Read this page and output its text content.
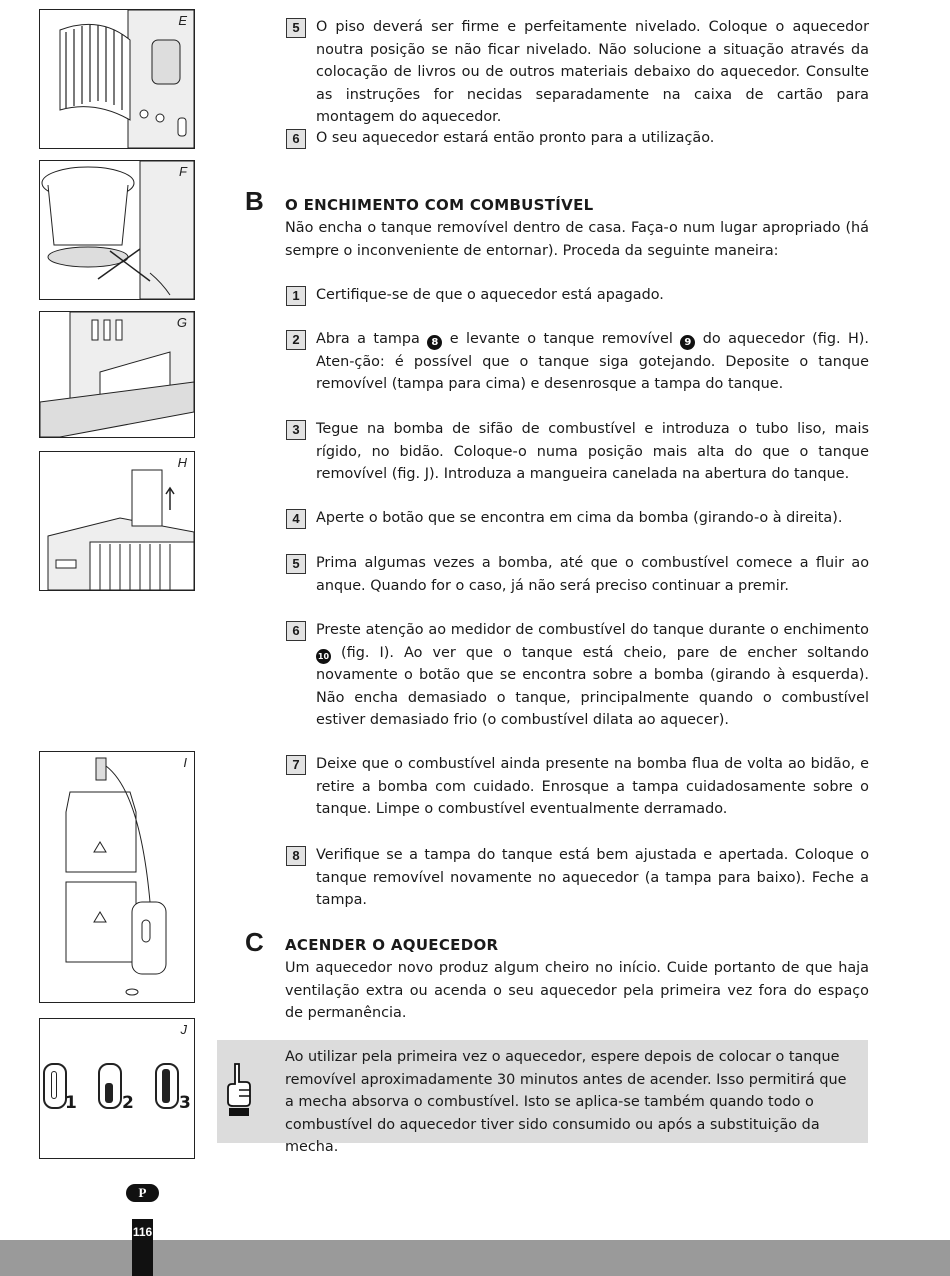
E
F
G
H
I
J
1	2	3
5	O piso deverá ser firme e perfeitamente nivelado. Coloque o aquecedor noutra posição se não ficar nivelado. Não solucione a situação através da colocação de livros ou de outros materiais debaixo do aquecedor. Consulte as instruções for necidas separadamente na caixa de cartão para montagem do aquecedor.
6	O seu aquecedor estará então pronto para a utilização.
B O ENCHIMENTO COM COMBUSTÍVEL
Não encha o tanque removível dentro de casa. Faça-o num lugar apropriado (há sempre o inconveniente de entornar). Proceda da seguinte maneira:
1	Certifique-se de que o aquecedor está apagado.
2	Abra a tampa 8 e levante o tanque removível 9 do aquecedor (fig. H). Aten-ção: é possível que o tanque siga gotejando. Deposite o tanque removível (tampa para cima) e desenrosque a tampa do tanque.
3	Tegue na bomba de sifão de combustível e introduza o tubo liso, mais rígido, no bidão. Coloque-o numa posição mais alta do que o tanque removível (fig. J). Introduza a mangueira canelada na abertura do tanque.
4	Aperte o botão que se encontra em cima da bomba (girando-o à direita).
5	Prima algumas vezes a bomba, até que o combustível comece a fluir ao anque. Quando for o caso, já não será preciso continuar a premir.
6	Preste atenção ao medidor de combustível do tanque durante o enchimento 10 (fig. I). Ao ver que o tanque está cheio, pare de encher soltando novamente o botão que se encontra sobre a bomba (girando à esquerda). Não encha demasiado o tanque, principalmente quando o combustível estiver demasiado frio (o combustível dilata ao aquecer).
7	Deixe que o combustível ainda presente na bomba flua de volta ao bidão, e retire a bomba com cuidado. Enrosque a tampa cuidadosamente sobre o tanque. Limpe o combustível eventualmente derramado.
8	Verifique se a tampa do tanque está bem ajustada e apertada. Coloque o tanque removível novamente no aquecedor (a tampa para baixo). Feche a tampa.
C ACENDER O AQUECEDOR
Um aquecedor novo produz algum cheiro no início. Cuide portanto de que haja ventilação extra ou acenda o seu aquecedor pela primeira vez fora do espaço de permanência.
Ao utilizar pela primeira vez o aquecedor, espere depois de colocar o tanque removível aproximadamente 30 minutos antes de acender. Isso permitirá que a mecha absorva o combustível. Isto se aplica-se também quando todo o combustível do aquecedor tiver sido consumido ou após a substituição da mecha.
P
116
